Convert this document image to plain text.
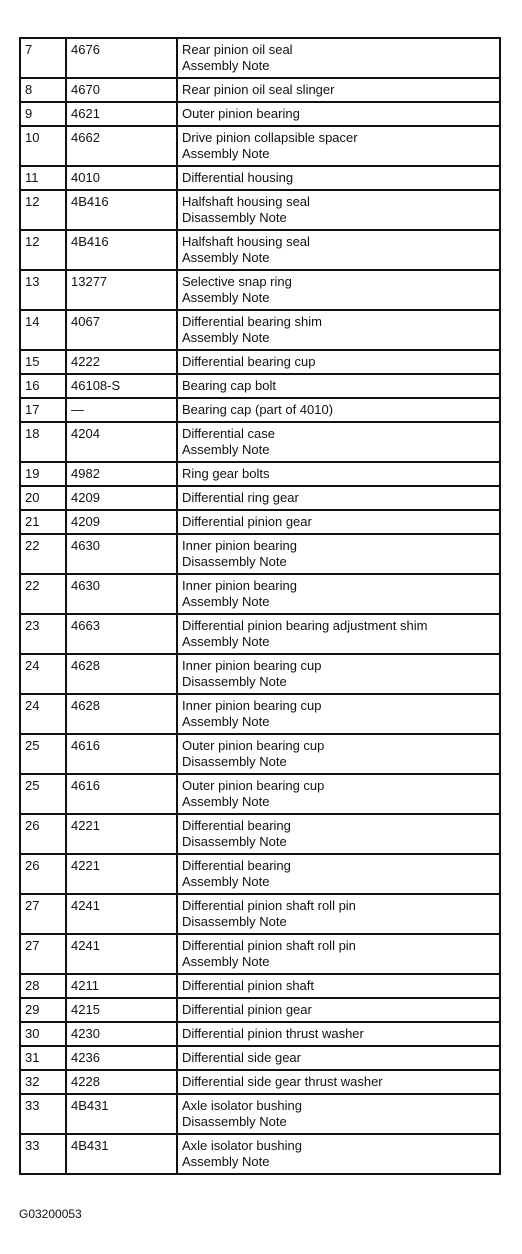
7	4676	Rear pinion oil seal
Assembly Note

8	4670	Rear pinion oil seal slinger
9	4621	Outer pinion bearing
10	4662	Drive pinion collapsible spacer
Assembly Note

11	4010	Differential housing
12	4B416	Halfshaft housing seal
Disassembly Note

12	4B416	Halfshaft housing seal
Assembly Note

13	13277	Selective snap ring
Assembly Note

14	4067	Differential bearing shim
Assembly Note

15	4222	Differential bearing cup
16	46108-S	Bearing cap bolt
17	—	Bearing cap (part of 4010)
18	4204	Differential case
Assembly Note

19	4982	Ring gear bolts
20	4209	Differential ring gear
21	4209	Differential pinion gear
22	4630	Inner pinion bearing
Disassembly Note

22	4630	Inner pinion bearing
Assembly Note

23	4663	Differential pinion bearing adjustment shim
Assembly Note

24	4628	Inner pinion bearing cup
Disassembly Note

24	4628	Inner pinion bearing cup
Assembly Note

25	4616	Outer pinion bearing cup
Disassembly Note

25	4616	Outer pinion bearing cup
Assembly Note

26	4221	Differential bearing
Disassembly Note

26	4221	Differential bearing
Assembly Note

27	4241	Differential pinion shaft roll pin
Disassembly Note

27	4241	Differential pinion shaft roll pin
Assembly Note

28	4211	Differential pinion shaft
29	4215	Differential pinion gear
30	4230	Differential pinion thrust washer
31	4236	Differential side gear
32	4228	Differential side gear thrust washer
33	4B431	Axle isolator bushing
Disassembly Note

33	4B431	Axle isolator bushing
Assembly Note
G03200053
